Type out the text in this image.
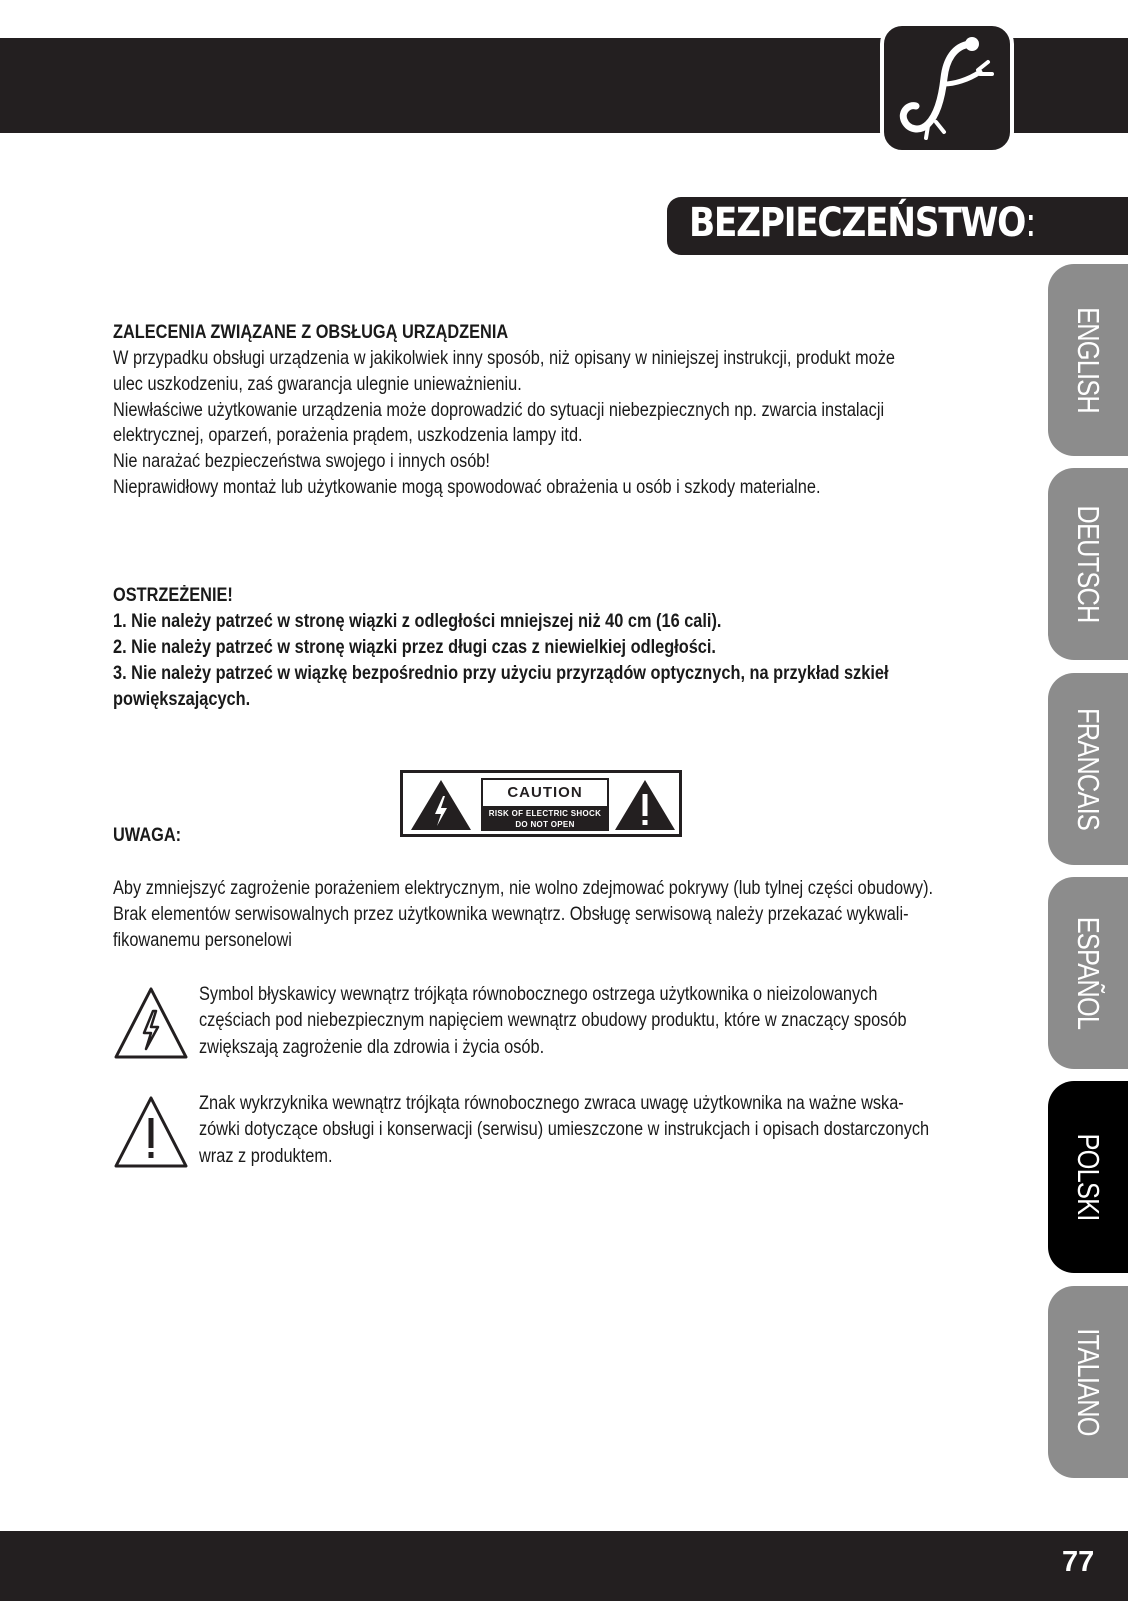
BEZPIECZEŃSTWO:
ENGLISH
DEUTSCH
FRANCAIS
ESPAÑOL
POLSKI
ITALIANO
ZALECENIA ZWIĄZANE Z OBSŁUGĄ URZĄDZENIA
W przypadku obsługi urządzenia w jakikolwiek inny sposób, niż opisany w niniejszej instrukcji, produkt może
ulec uszkodzeniu, zaś gwarancja ulegnie unieważnieniu.
Niewłaściwe użytkowanie urządzenia może doprowadzić do sytuacji niebezpiecznych np. zwarcia instalacji
elektrycznej, oparzeń, porażenia prądem, uszkodzenia lampy itd.
Nie narażać bezpieczeństwa swojego i innych osób!
Nieprawidłowy montaż lub użytkowanie mogą spowodować obrażenia u osób i szkody materialne.
OSTRZEŻENIE!
1. Nie należy patrzeć w stronę wiązki z odległości mniejszej niż 40 cm (16 cali).
2. Nie należy patrzeć w stronę wiązki przez długi czas z niewielkiej odległości.
3. Nie należy patrzeć w wiązkę bezpośrednio przy użyciu przyrządów optycznych, na przykład szkieł
powiększających.
UWAGA:
CAUTION
RISK OF ELECTRIC SHOCK
DO NOT OPEN
Aby zmniejszyć zagrożenie porażeniem elektrycznym, nie wolno zdejmować pokrywy (lub tylnej części obudowy).
Brak elementów serwisowalnych przez użytkownika wewnątrz. Obsługę serwisową należy przekazać wykwali-
fikowanemu personelowi
Symbol błyskawicy wewnątrz trójkąta równobocznego ostrzega użytkownika o nieizolowanych
częściach pod niebezpiecznym napięciem wewnątrz obudowy produktu, które w znaczący sposób
zwiększają zagrożenie dla zdrowia i życia osób.
Znak wykrzyknika wewnątrz trójkąta równobocznego zwraca uwagę użytkownika na ważne wska-
zówki dotyczące obsługi i konserwacji (serwisu) umieszczone w instrukcjach i opisach dostarczonych
wraz z produktem.
77
